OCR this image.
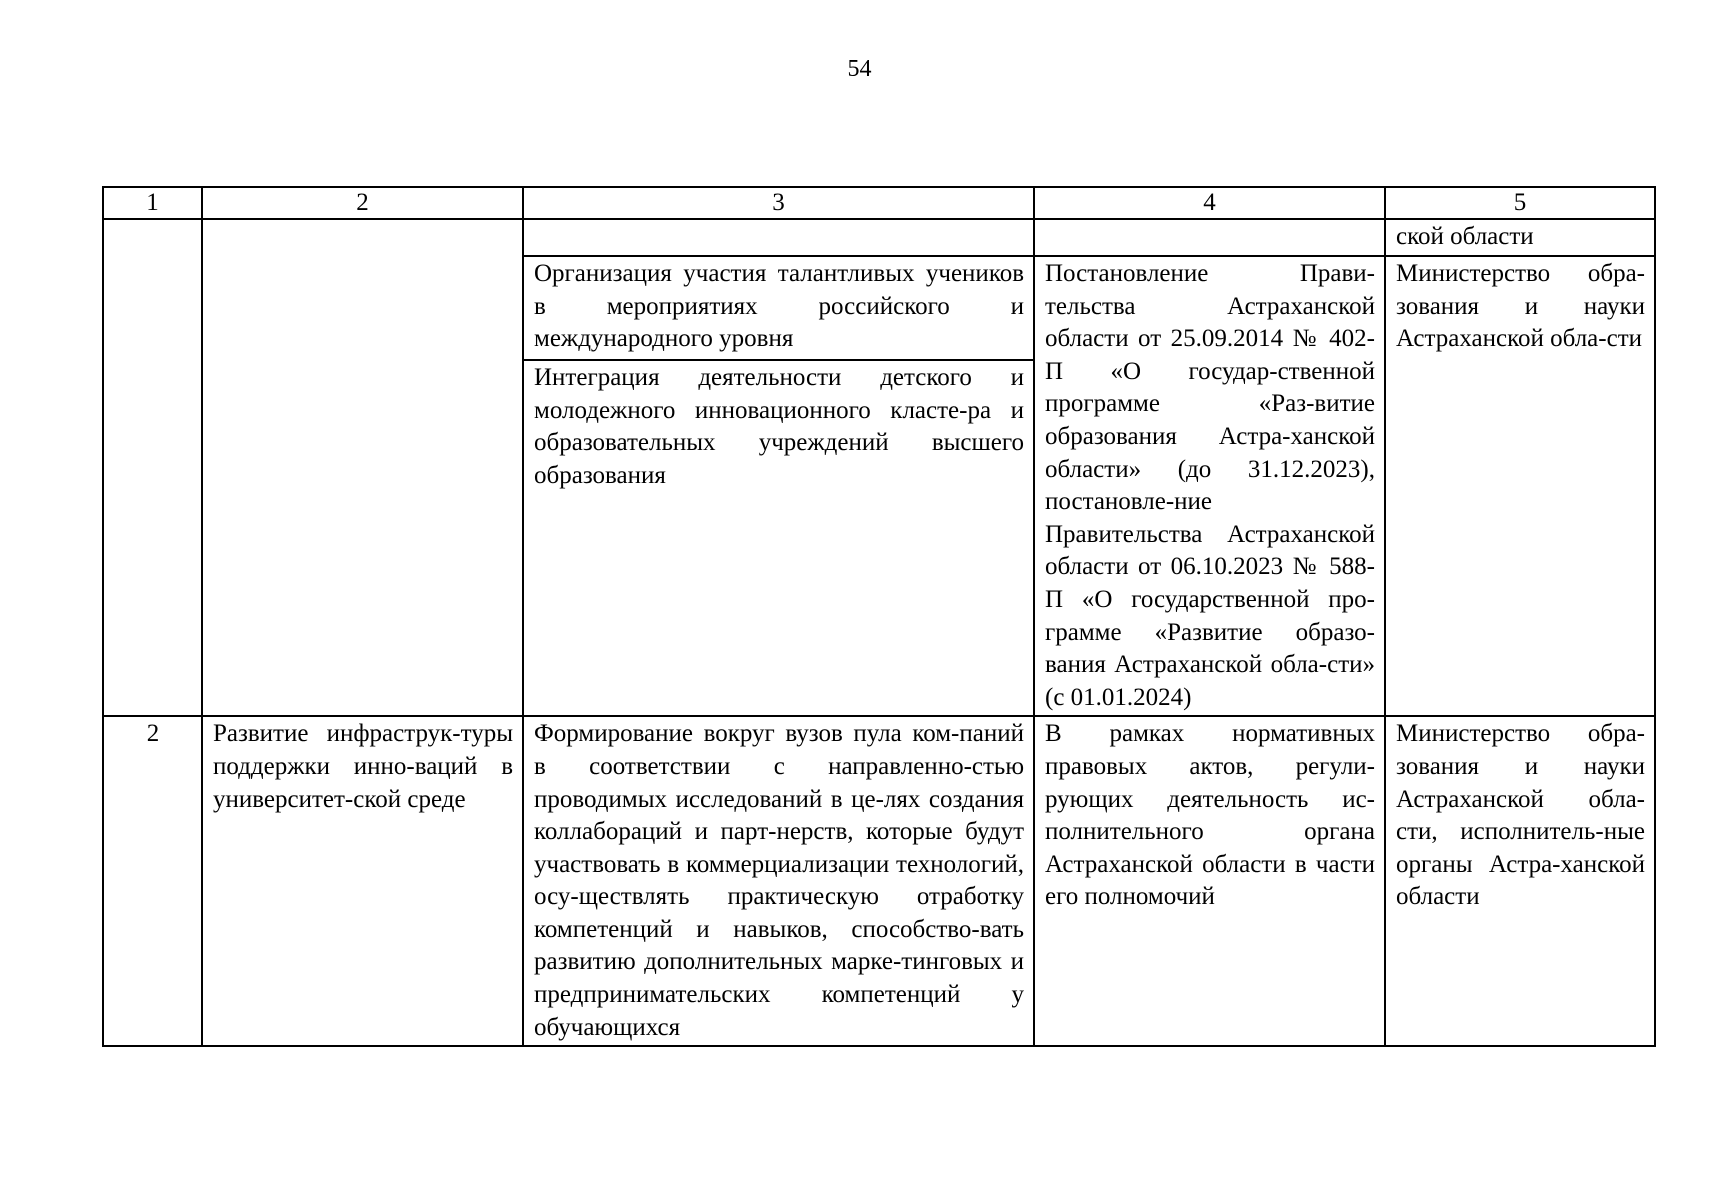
54
1	2	3	4	5
				ской области

		Организация участия талантливых учеников в мероприятиях российского и международного уровня	Постановление Прави-тельства Астраханской области от 25.09.2014 № 402-П «О государ-ственной программе «Раз-витие образования Астра-ханской области» (до 31.12.2023), постановле-ние Правительства Астраханской области от 06.10.2023 № 588-П «О государственной про-грамме «Развитие образо-вания Астраханской обла-сти» (с 01.01.2024)	Министерство обра-зования и науки Астраханской обла-сти

		Интеграция деятельности детского и молодежного инновационного класте-ра и образовательных учреждений высшего образования		

2	Развитие инфраструк-туры поддержки инно-ваций в университет-ской среде	Формирование вокруг вузов пула ком-паний в соответствии с направленно-стью проводимых исследований в це-лях создания коллабораций и парт-нерств, которые будут участвовать в коммерциализации технологий, осу-ществлять практическую отработку компетенций и навыков, способство-вать развитию дополнительных марке-тинговых и предпринимательских компетенций у обучающихся	В рамках нормативных правовых актов, регули-рующих деятельность ис-полнительного органа Астраханской области в части его полномочий	Министерство обра-зования и науки Астраханской обла-сти, исполнитель-ные органы Астра-ханской области
